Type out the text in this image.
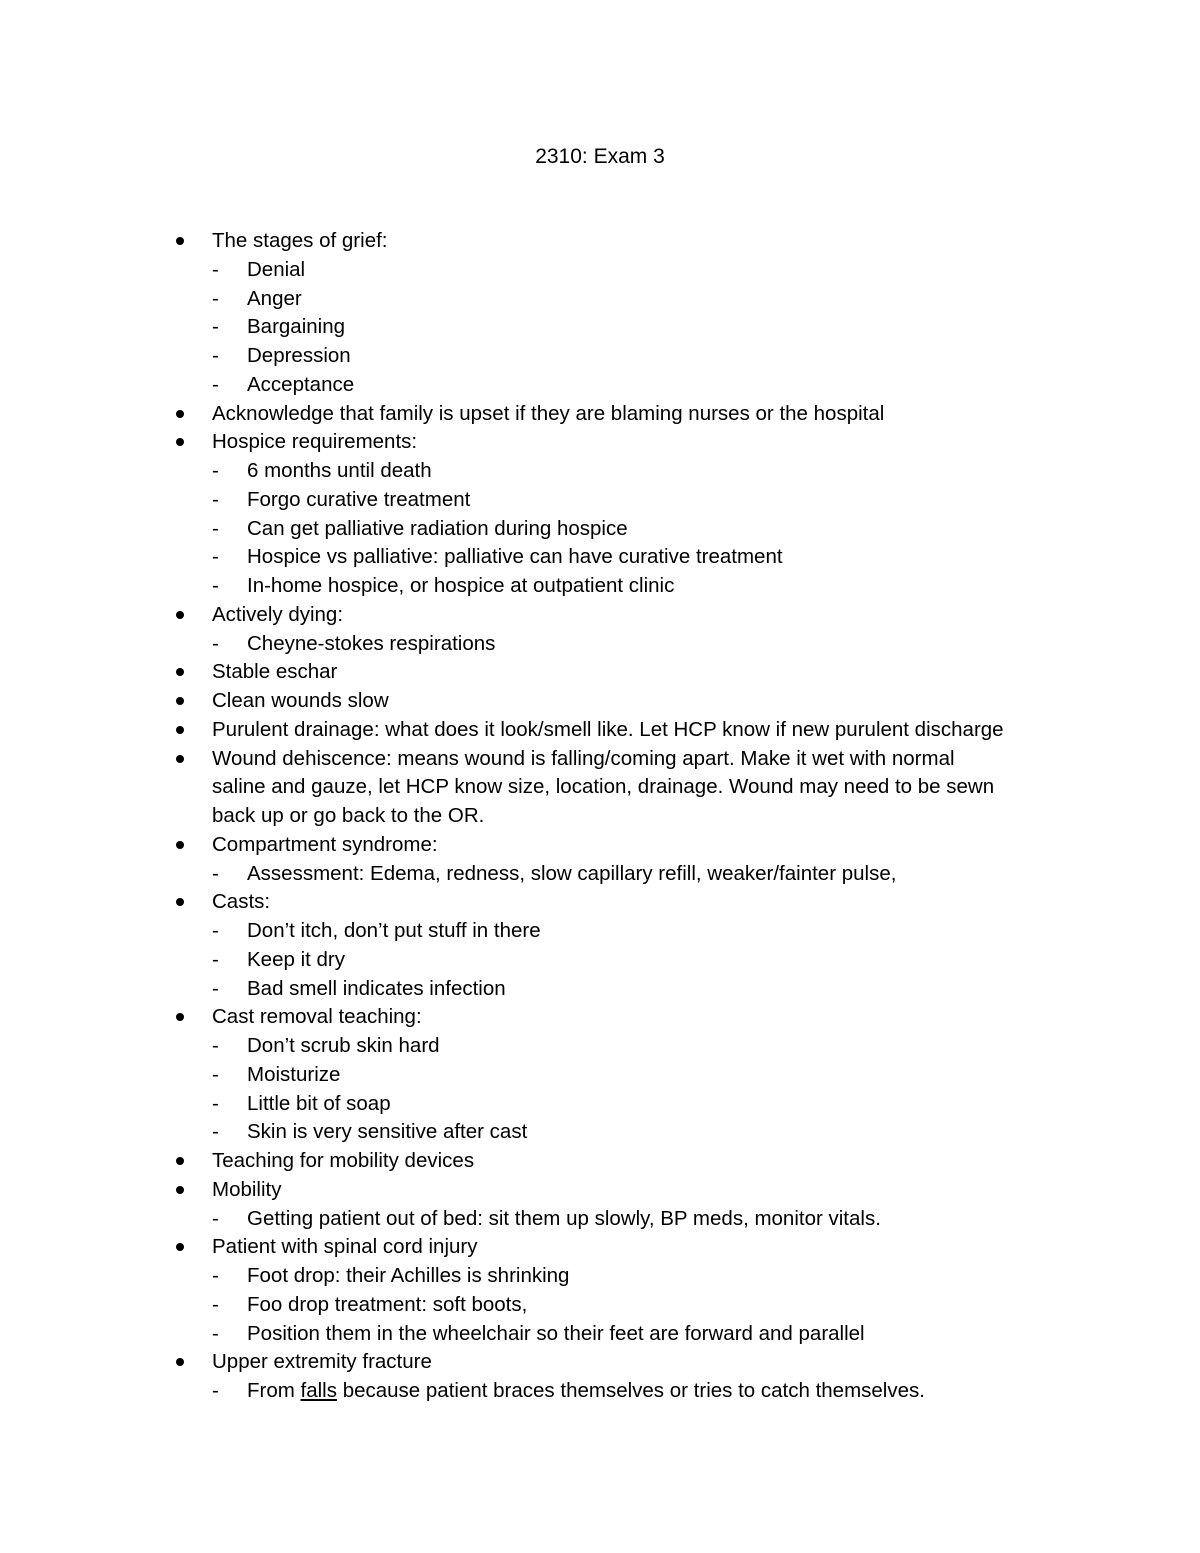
2310: Exam 3
The stages of grief:
- Denial
- Anger
- Bargaining
- Depression
- Acceptance
Acknowledge that family is upset if they are blaming nurses or the hospital
Hospice requirements:
- 6 months until death
- Forgo curative treatment
- Can get palliative radiation during hospice
- Hospice vs palliative: palliative can have curative treatment
- In-home hospice, or hospice at outpatient clinic
Actively dying:
- Cheyne-stokes respirations
Stable eschar
Clean wounds slow
Purulent drainage: what does it look/smell like. Let HCP know if new purulent discharge
Wound dehiscence: means wound is falling/coming apart. Make it wet with normal
saline and gauze, let HCP know size, location, drainage. Wound may need to be sewn
back up or go back to the OR.
Compartment syndrome:
- Assessment: Edema, redness, slow capillary refill, weaker/fainter pulse,
Casts:
- Don’t itch, don’t put stuff in there
- Keep it dry
- Bad smell indicates infection
Cast removal teaching:
- Don’t scrub skin hard
- Moisturize
- Little bit of soap
- Skin is very sensitive after cast
Teaching for mobility devices
Mobility
- Getting patient out of bed: sit them up slowly, BP meds, monitor vitals.
Patient with spinal cord injury
- Foot drop: their Achilles is shrinking
- Foo drop treatment: soft boots,
- Position them in the wheelchair so their feet are forward and parallel
Upper extremity fracture
- From falls because patient braces themselves or tries to catch themselves.
